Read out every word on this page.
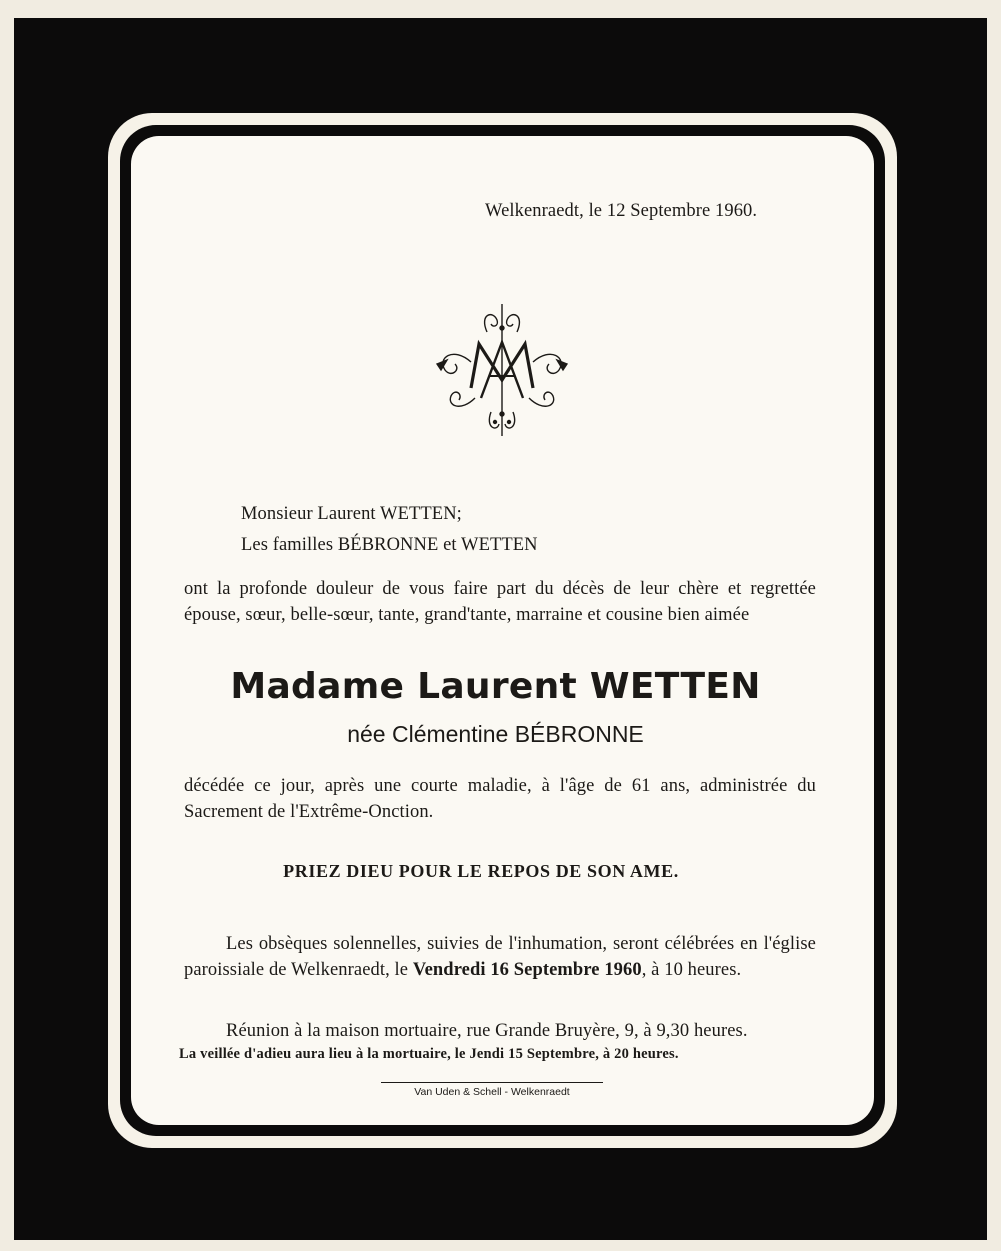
Welkenraedt, le 12 Septembre 1960.
Monsieur Laurent WETTEN;
Les familles BÉBRONNE et WETTEN
ont la profonde douleur de vous faire part du décès de leur chère et regrettée épouse, sœur, belle-sœur, tante, grand'tante, marraine et cousine bien aimée
Madame Laurent WETTEN
née Clémentine BÉBRONNE
décédée ce jour, après une courte maladie, à l'âge de 61 ans, administrée du Sacrement de l'Extrême-Onction.
PRIEZ DIEU POUR LE REPOS DE SON AME.
Les obsèques solennelles, suivies de l'inhumation, seront célébrées en l'église paroissiale de Welkenraedt, le Vendredi 16 Septembre 1960, à 10 heures.
Réunion à la maison mortuaire, rue Grande Bruyère, 9, à 9,30 heures.
La veillée d'adieu aura lieu à la mortuaire, le Jendi 15 Septembre, à 20 heures.
Van Uden & Schell - Welkenraedt
